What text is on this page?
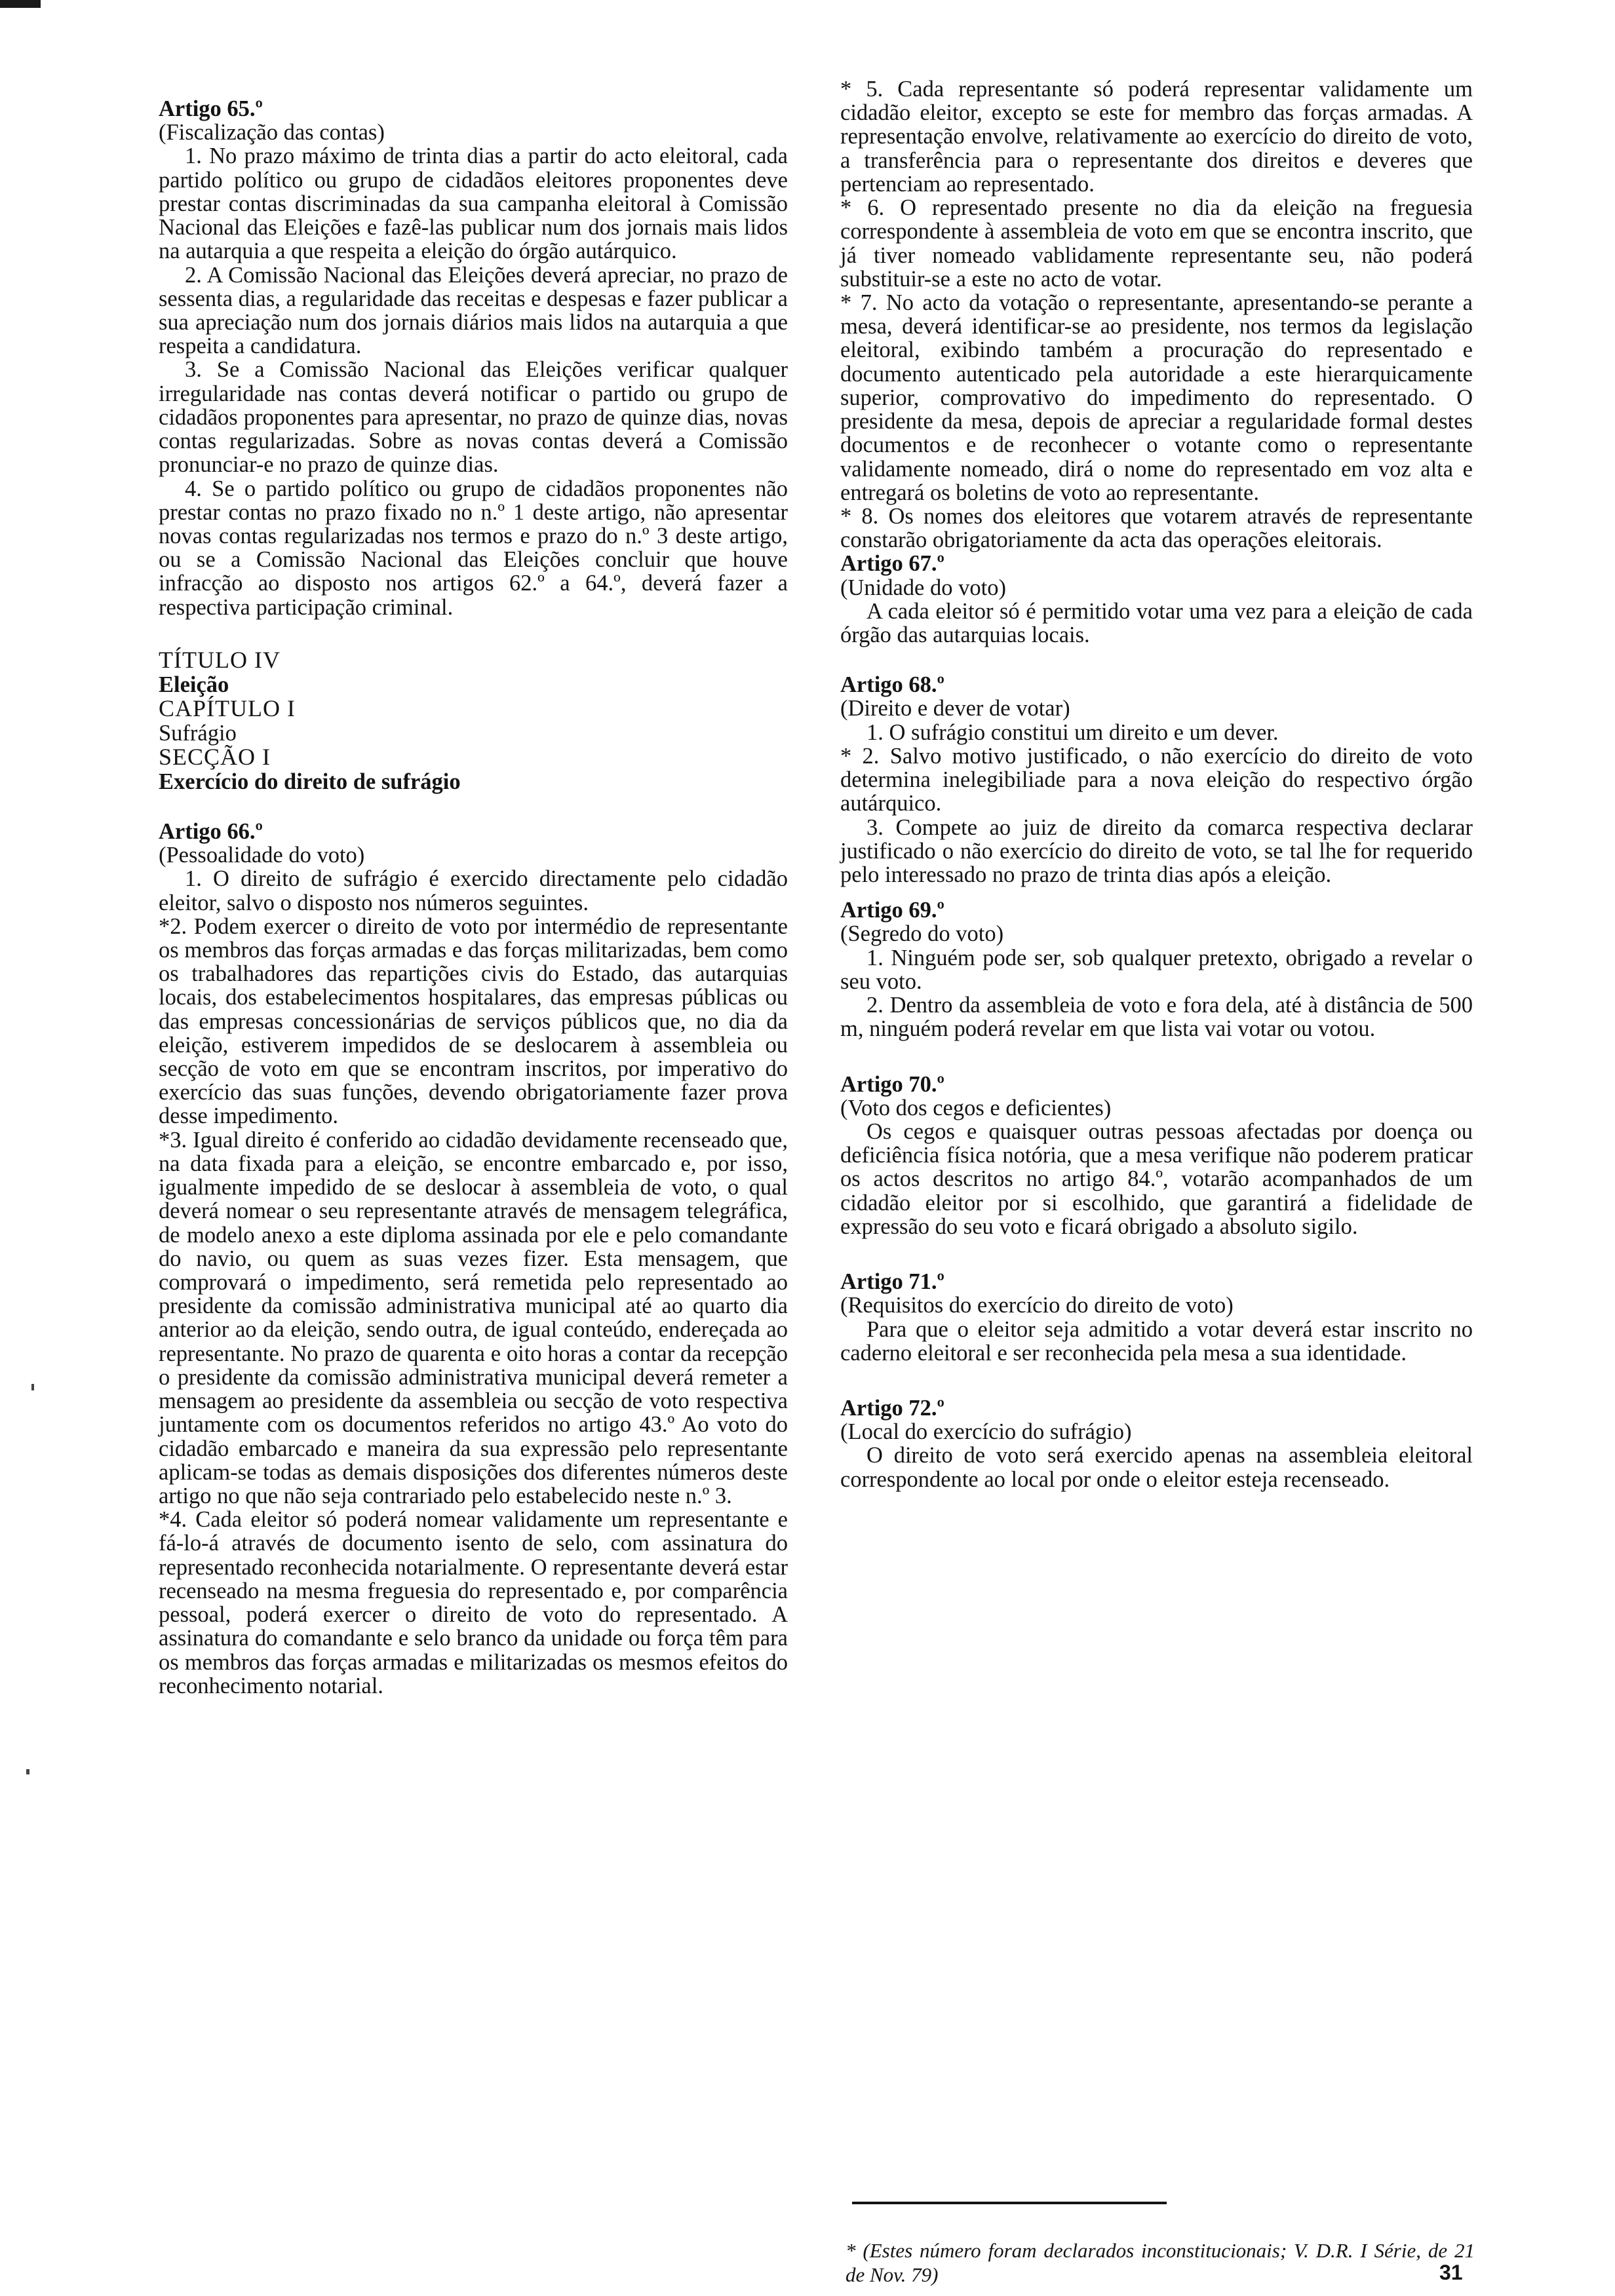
Artigo 65.º

(Fiscalização das contas)

1. No prazo máximo de trinta dias a partir do acto eleitoral, cada partido político ou grupo de cidadãos eleitores proponentes deve prestar contas discriminadas da sua campanha eleitoral à Comissão Nacional das Eleições e fazê-las publicar num dos jornais mais lidos na autarquia a que respeita a eleição do órgão autárquico.

2. A Comissão Nacional das Eleições deverá apreciar, no prazo de sessenta dias, a regularidade das receitas e despesas e fazer publicar a sua apreciação num dos jornais diários mais lidos na autarquia a que respeita a candidatura.

3. Se a Comissão Nacional das Eleições verificar qualquer irregularidade nas contas deverá notificar o partido ou grupo de cidadãos proponentes para apresentar, no prazo de quinze dias, novas contas regularizadas. Sobre as novas contas deverá a Comissão pronunciar-e no prazo de quinze dias.

4. Se o partido político ou grupo de cidadãos proponentes não prestar contas no prazo fixado no n.º 1 deste artigo, não apresentar novas contas regularizadas nos termos e prazo do n.º 3 deste artigo, ou se a Comissão Nacional das Eleições concluir que houve infracção ao disposto nos artigos 62.º a 64.º, deverá fazer a respectiva participação criminal.

TÍTULO IV

Eleição

CAPÍTULO I

Sufrágio

SECÇÃO I

Exercício do direito de sufrágio

Artigo 66.º

(Pessoalidade do voto)

1. O direito de sufrágio é exercido directamente pelo cidadão eleitor, salvo o disposto nos números seguintes.

*2. Podem exercer o direito de voto por intermédio de representante os membros das forças armadas e das forças militarizadas, bem como os trabalhadores das repartições civis do Estado, das autarquias locais, dos estabelecimentos hospitalares, das empresas públicas ou das empresas concessionárias de serviços públicos que, no dia da eleição, estiverem impedidos de se deslocarem à assembleia ou secção de voto em que se encontram inscritos, por imperativo do exercício das suas funções, devendo obrigatoriamente fazer prova desse impedimento.

*3. Igual direito é conferido ao cidadão devidamente recenseado que, na data fixada para a eleição, se encontre embarcado e, por isso, igualmente impedido de se deslocar à assembleia de voto, o qual deverá nomear o seu representante através de mensagem telegráfica, de modelo anexo a este diploma assinada por ele e pelo comandante do navio, ou quem as suas vezes fizer. Esta mensagem, que comprovará o impedimento, será remetida pelo representado ao presidente da comissão administrativa municipal até ao quarto dia anterior ao da eleição, sendo outra, de igual conteúdo, endereçada ao representante. No prazo de quarenta e oito horas a contar da recepção o presidente da comissão administrativa municipal deverá remeter a mensagem ao presidente da assembleia ou secção de voto respectiva juntamente com os documentos referidos no artigo 43.º Ao voto do cidadão embarcado e maneira da sua expressão pelo representante aplicam-se todas as demais disposições dos diferentes números deste artigo no que não seja contrariado pelo estabelecido neste n.º 3.

*4. Cada eleitor só poderá nomear validamente um representante e fá-lo-á através de documento isento de selo, com assinatura do representado reconhecida notarialmente. O representante deverá estar recenseado na mesma freguesia do representado e, por comparência pessoal, poderá exercer o direito de voto do representado. A assinatura do comandante e selo branco da unidade ou força têm para os membros das forças armadas e militarizadas os mesmos efeitos do reconhecimento notarial.

* 5. Cada representante só poderá representar validamente um cidadão eleitor, excepto se este for membro das forças armadas. A representação envolve, relativamente ao exercício do direito de voto, a transferência para o representante dos direitos e deveres que pertenciam ao representado.

* 6. O representado presente no dia da eleição na freguesia correspondente à assembleia de voto em que se encontra inscrito, que já tiver nomeado vablidamente representante seu, não poderá substituir-se a este no acto de votar.

* 7. No acto da votação o representante, apresentando-se perante a mesa, deverá identificar-se ao presidente, nos termos da legislação eleitoral, exibindo também a procuração do representado e documento autenticado pela autoridade a este hierarquicamente superior, comprovativo do impedimento do representado. O presidente da mesa, depois de apreciar a regularidade formal destes documentos e de reconhecer o votante como o representante validamente nomeado, dirá o nome do representado em voz alta e entregará os boletins de voto ao representante.

* 8. Os nomes dos eleitores que votarem através de representante constarão obrigatoriamente da acta das operações eleitorais.

Artigo 67.º

(Unidade do voto)

A cada eleitor só é permitido votar uma vez para a eleição de cada órgão das autarquias locais.

Artigo 68.º

(Direito e dever de votar)

1. O sufrágio constitui um direito e um dever.

* 2. Salvo motivo justificado, o não exercício do direito de voto determina inelegibiliade para a nova eleição do respectivo órgão autárquico.

3. Compete ao juiz de direito da comarca respectiva declarar justificado o não exercício do direito de voto, se tal lhe for requerido pelo interessado no prazo de trinta dias após a eleição.

Artigo 69.º

(Segredo do voto)

1. Ninguém pode ser, sob qualquer pretexto, obrigado a revelar o seu voto.

2. Dentro da assembleia de voto e fora dela, até à distância de 500 m, ninguém poderá revelar em que lista vai votar ou votou.

Artigo 70.º

(Voto dos cegos e deficientes)

Os cegos e quaisquer outras pessoas afectadas por doença ou deficiência física notória, que a mesa verifique não poderem praticar os actos descritos no artigo 84.º, votarão acompanhados de um cidadão eleitor por si escolhido, que garantirá a fidelidade de expressão do seu voto e ficará obrigado a absoluto sigilo.

Artigo 71.º

(Requisitos do exercício do direito de voto)

Para que o eleitor seja admitido a votar deverá estar inscrito no caderno eleitoral e ser reconhecida pela mesa a sua identidade.

Artigo 72.º

(Local do exercício do sufrágio)

O direito de voto será exercido apenas na assembleia eleitoral correspondente ao local por onde o eleitor esteja recenseado.

* (Estes número foram declarados inconstitucionais; V. D.R. I Série, de 21 de Nov. 79)	31
